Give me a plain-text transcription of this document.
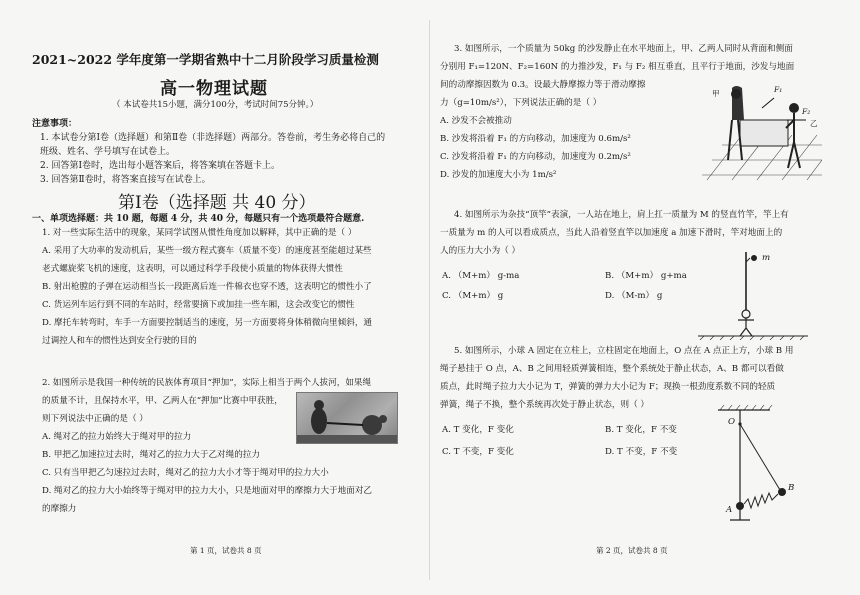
2021~2022 学年度第一学期省熟中十二月阶段学习质量检测
高一物理试题
（ 本试卷共15小题，满分100分，考试时间75分钟。）
注意事项：
1. 本试卷分第Ⅰ卷（选择题）和第Ⅱ卷（非选择题）两部分。答卷前，考生务必将自己的
班级、姓名、学号填写在试卷上。
2. 回答第Ⅰ卷时，选出每小题答案后，将答案填在答题卡上。
3. 回答第Ⅱ卷时，将答案直接写在试卷上。
第Ⅰ卷（选择题 共 40 分）
一、单项选择题：共 10 题，每题 4 分，共 40 分，每题只有一个选项最符合题意.
1. 对一些实际生活中的现象，某同学试图从惯性角度加以解释，其中正确的是（ ）
A. 采用了大功率的发动机后，某些一级方程式赛车（质量不变）的速度甚至能超过某些
老式螺旋桨飞机的速度，这表明，可以通过科学手段使小质量的物体获得大惯性
B. 射出枪膛的子弹在运动相当长一段距离后连一件棉衣也穿不透，这表明它的惯性小了
C. 货运列车运行到不同的车站时，经常要摘下或加挂一些车厢，这会改变它的惯性
D. 摩托车转弯时，车手一方面要控制适当的速度，另一方面要将身体稍微向里倾斜，通
过调控人和车的惯性达到安全行驶的目的
2. 如图所示是我国一种传统的民族体育项目“押加”，实际上相当于两个人拔河，如果绳
的质量不计，且保持水平，甲、乙两人在“押加”比赛中甲获胜，
则下列说法中正确的是（ ）
A. 绳对乙的拉力始终大于绳对甲的拉力
B. 甲把乙加速拉过去时，绳对乙的拉力大于乙对绳的拉力
C. 只有当甲把乙匀速拉过去时，绳对乙的拉力大小才等于绳对甲的拉力大小
D. 绳对乙的拉力大小始终等于绳对甲的拉力大小，只是地面对甲的摩擦力大于地面对乙
的摩擦力
第 1 页，试卷共 8 页
3. 如图所示，一个质量为 50kg 的沙发静止在水平地面上，甲、乙两人同时从背面和侧面
分别用 F₁=120N、F₂=160N 的力推沙发，F₁ 与 F₂ 相互垂直，且平行于地面，沙发与地面
间的动摩擦因数为 0.3。设最大静摩擦力等于滑动摩擦
力（g=10m/s²），下列说法正确的是（ ）
A. 沙发不会被推动
B. 沙发将沿着 F₁ 的方向移动，加速度为 0.6m/s²
C. 沙发将沿着 F₁ 的方向移动，加速度为 0.2m/s²
D. 沙发的加速度大小为 1m/s²
甲
乙
F₁
F₂
4. 如图所示为杂技“顶竿”表演，一人站在地上，肩上扛一质量为 M 的竖直竹竿，竿上有
一质量为 m 的人可以看成质点，当此人沿着竖直竿以加速度 a 加速下滑时，竿对地面上的
人的压力大小为（ ）
A. （M+m） g-ma	B. （M+m） g+ma
C. （M+m） g	D. （M-m） g
m
5. 如图所示，小球 A 固定在立柱上，立柱固定在地面上，O 点在 A 点正上方，小球 B 用
绳子悬挂于 O 点，A、B 之间用轻质弹簧相连，整个系统处于静止状态，A、B 都可以看做
质点，此时绳子拉力大小记为 T，弹簧的弹力大小记为 F；现换一根劲度系数不同的轻质
弹簧，绳子不换，整个系统再次处于静止状态，则（ ）
A. T 变化，F 变化	B. T 变化，F 不变
C. T 不变，F 变化	D. T 不变，F 不变
O
A
B
第 2 页，试卷共 8 页
